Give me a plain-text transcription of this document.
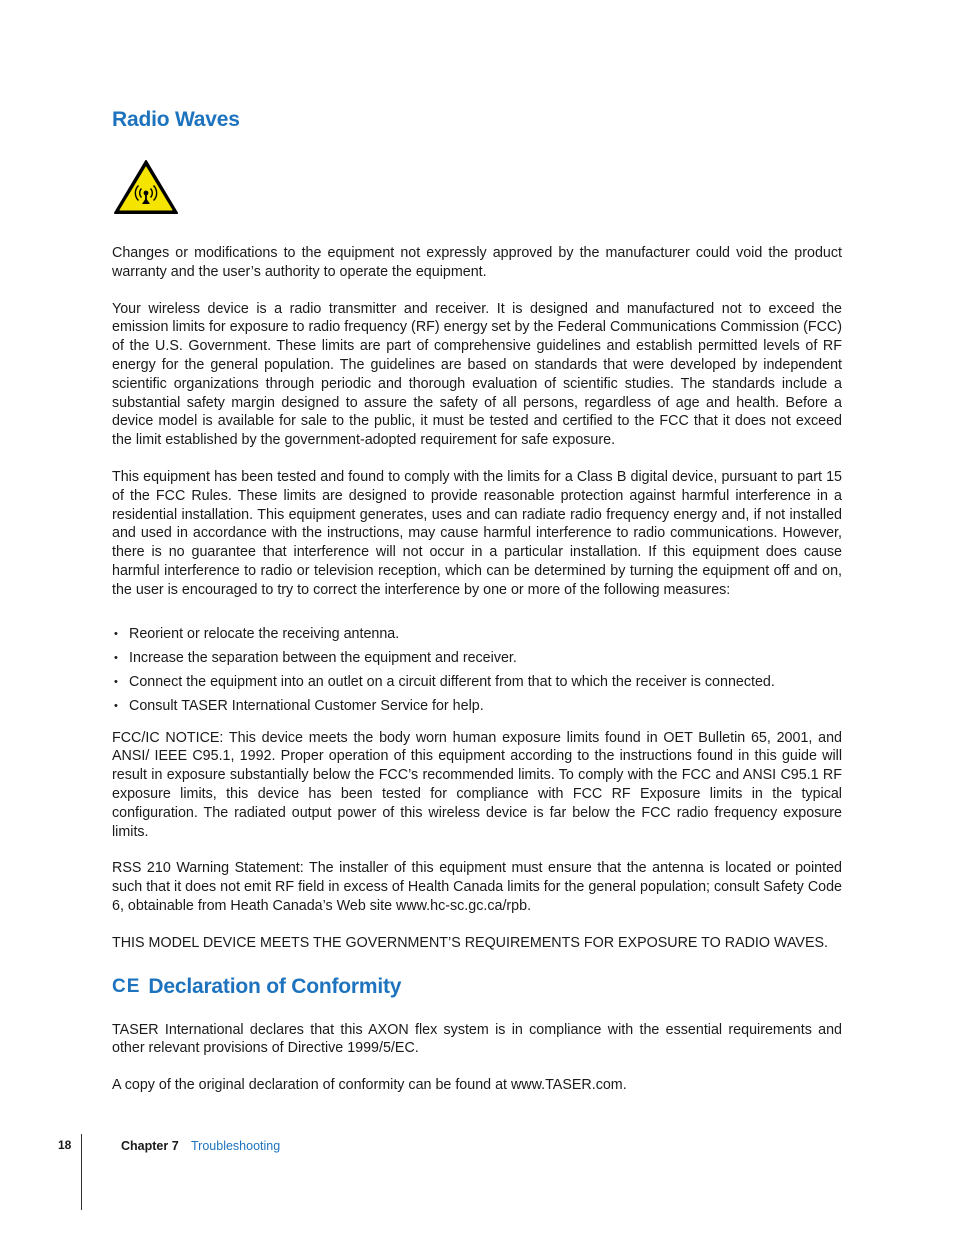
Radio Waves

Changes or modifications to the equipment not expressly approved by the manufacturer could void the product warranty and the user’s authority to operate the equipment.

Your wireless device is a radio transmitter and receiver. It is designed and manufactured not to exceed the emission limits for exposure to radio frequency (RF) energy set by the Federal Communications Commission (FCC) of the U.S. Government. These limits are part of comprehensive guidelines and establish permitted levels of RF energy for the general population. The guidelines are based on standards that were developed by independent scientific organizations through periodic and thorough evaluation of scientific studies. The standards include a substantial safety margin designed to assure the safety of all persons, regardless of age and health. Before a device model is available for sale to the public, it must be tested and certified to the FCC that it does not exceed the limit established by the government-adopted requirement for safe exposure.

This equipment has been tested and found to comply with the limits for a Class B digital device, pursuant to part 15 of the FCC Rules. These limits are designed to provide reasonable protection against harmful interference in a residential installation. This equipment generates, uses and can radiate radio frequency energy and, if not installed and used in accordance with the instructions, may cause harmful interference to radio communications. However, there is no guarantee that interference will not occur in a particular installation. If this equipment does cause harmful interference to radio or television reception, which can be determined by turning the equipment off and on, the user is encouraged to try to correct the interference by one or more of the following measures:

• Reorient or relocate the receiving antenna.
• Increase the separation between the equipment and receiver.
• Connect the equipment into an outlet on a circuit different from that to which the receiver is connected.
• Consult TASER International Customer Service for help.

FCC/IC NOTICE: This device meets the body worn human exposure limits found in OET Bulletin 65, 2001, and ANSI/ IEEE C95.1, 1992. Proper operation of this equipment according to the instructions found in this guide will result in exposure substantially below the FCC’s recommended limits. To comply with the FCC and ANSI C95.1 RF exposure limits, this device has been tested for compliance with FCC RF Exposure limits in the typical configuration. The radiated output power of this wireless device is far below the FCC radio frequency exposure limits.

RSS 210 Warning Statement: The installer of this equipment must ensure that the antenna is located or pointed such that it does not emit RF field in excess of Health Canada limits for the general population; consult Safety Code 6, obtainable from Heath Canada’s Web site www.hc-sc.gc.ca/rpb.

THIS MODEL DEVICE MEETS THE GOVERNMENT’S REQUIREMENTS FOR EXPOSURE TO RADIO WAVES.

CE Declaration of Conformity

TASER International declares that this AXON flex system is in compliance with the essential requirements and other relevant provisions of Directive 1999/5/EC.

A copy of the original declaration of conformity can be found at www.TASER.com.

18	Chapter 7 Troubleshooting
